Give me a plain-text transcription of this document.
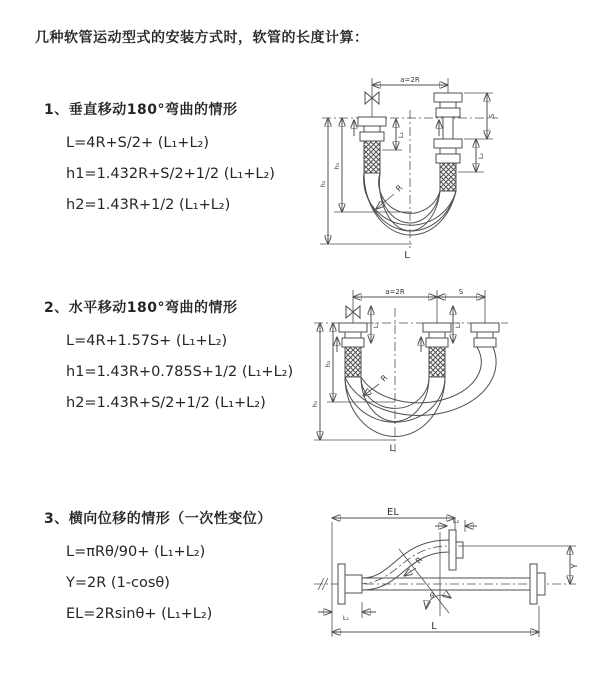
几种软管运动型式的安装方式时，软管的长度计算：
1、垂直移动180°弯曲的情形
L=4R+S/2+ (L₁+L₂)
h1=1.432R+S/2+1/2 (L₁+L₂)
h2=1.43R+1/2 (L₁+L₂)
2、水平移动180°弯曲的情形
L=4R+1.57S+ (L₁+L₂)
h1=1.43R+0.785S+1/2 (L₁+L₂)
h2=1.43R+S/2+1/2 (L₁+L₂)
3、横向位移的情形（一次性变位）
L=πRθ/90+ (L₁+L₂)
Y=2R (1-cosθ)
EL=2Rsinθ+ (L₁+L₂)
a=2R
h₁
h₂
L₁
S
L₂
R
L
a=2R	S
h₂
h₁
L₁	L₂
R
L
EL
L₂
Y
L
L₁
θ
R
